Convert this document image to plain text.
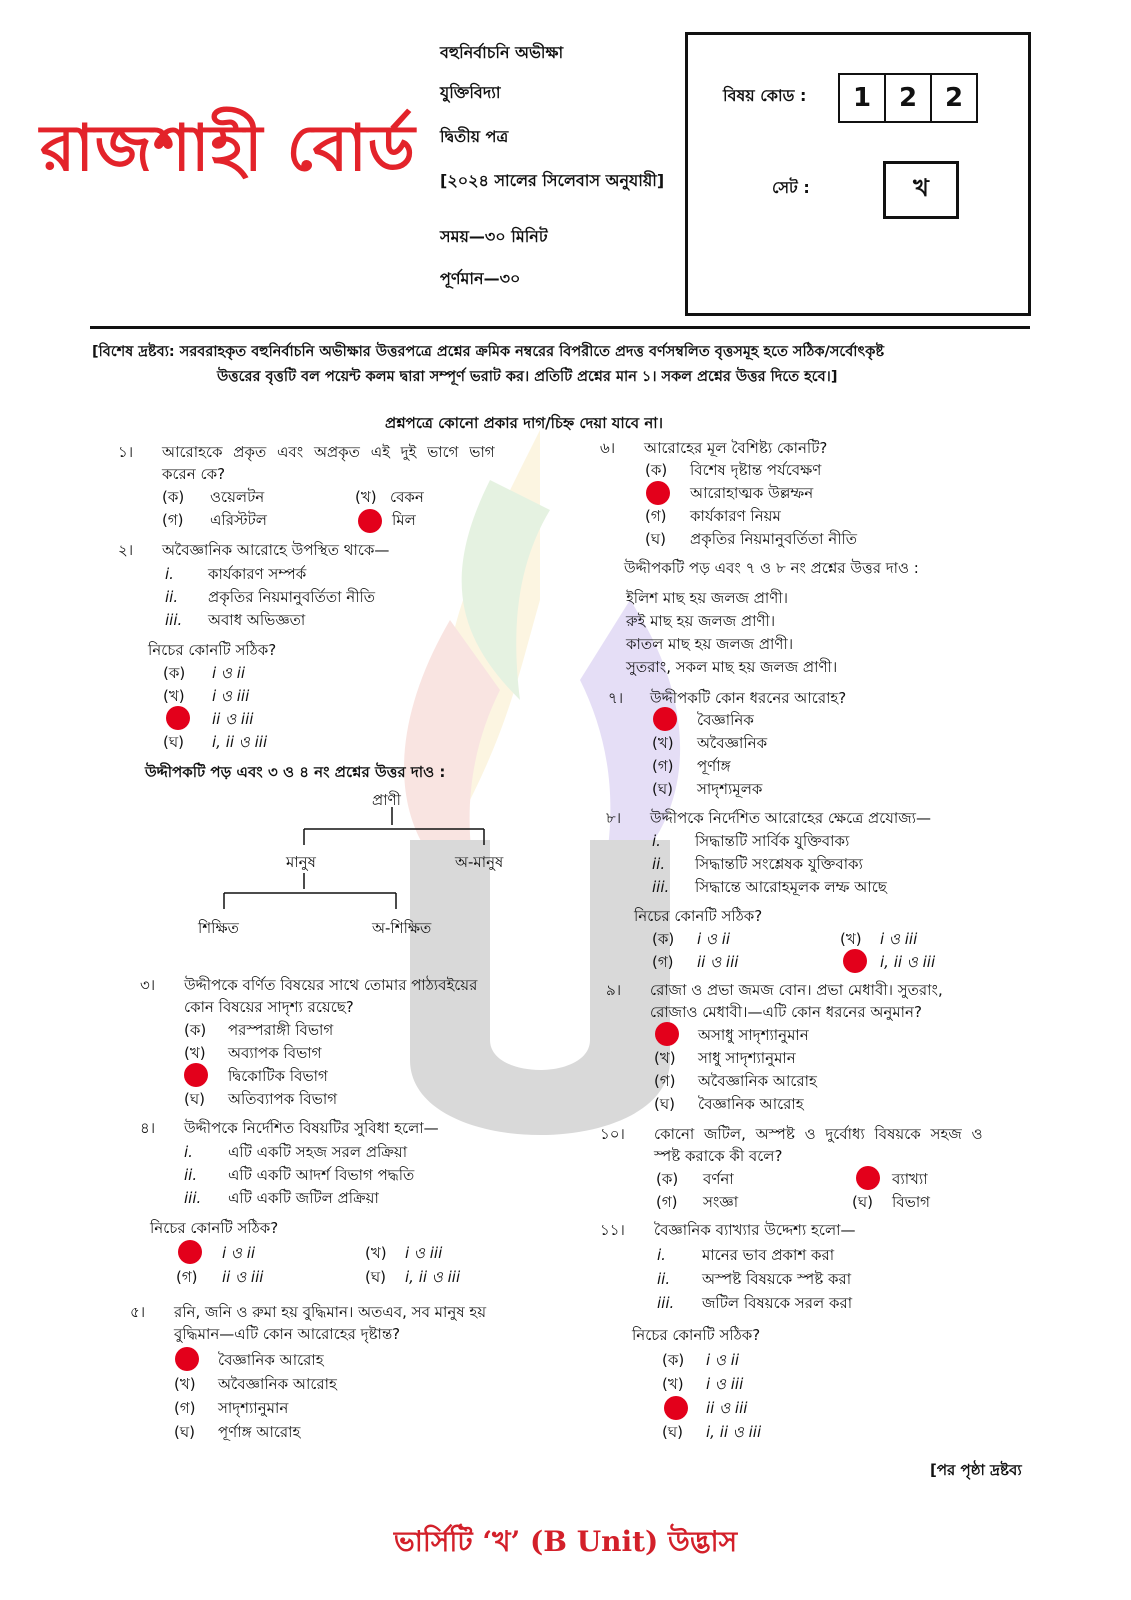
রাজশাহী বোর্ড
বহুনির্বাচনি অভীক্ষা
যুক্তিবিদ্যা
দ্বিতীয় পত্র
[২০২৪ সালের সিলেবাস অনুযায়ী]
সময়—৩০ মিনিট
পূর্ণমান—৩০
বিষয় কোড :	1	2	2
সেট :	খ
[বিশেষ দ্রষ্টব্য: সরবরাহকৃত বহুনির্বাচনি অভীক্ষার উত্তরপত্রে প্রশ্নের ক্রমিক নম্বরের বিপরীতে প্রদত্ত বর্ণসম্বলিত বৃত্তসমূহ হতে সঠিক/সর্বোৎকৃষ্ট
উত্তরের বৃত্তটি বল পয়েন্ট কলম দ্বারা সম্পূর্ণ ভরাট কর। প্রতিটি প্রশ্নের মান ১। সকল প্রশ্নের উত্তর দিতে হবে।]
প্রশ্নপত্রে কোনো প্রকার দাগ/চিহ্ন দেয়া যাবে না।
১। আরোহকে প্রকৃত এবং অপ্রকৃত এই দুই ভাগে ভাগ
করেন কে?
(ক) ওয়েলটন	(খ) বেকন
(গ) এরিস্টটল	মিল
২। অবৈজ্ঞানিক আরোহে উপস্থিত থাকে—
i. কার্যকারণ সম্পর্ক
ii. প্রকৃতির নিয়মানুবর্তিতা নীতি
iii. অবাধ অভিজ্ঞতা
নিচের কোনটি সঠিক?
(ক) i ও ii
(খ) i ও iii
ii ও iii
(ঘ) i, ii ও iii
উদ্দীপকটি পড় এবং ৩ ও ৪ নং প্রশ্নের উত্তর দাও :
প্রাণী
মানুষ	অ-মানুষ
শিক্ষিত	অ-শিক্ষিত
৩। উদ্দীপকে বর্ণিত বিষয়ের সাথে তোমার পাঠ্যবইয়ের
কোন বিষয়ের সাদৃশ্য রয়েছে?
(ক) পরস্পরাঙ্গী বিভাগ
(খ) অব্যাপক বিভাগ
দ্বিকোটিক বিভাগ
(ঘ) অতিব্যাপক বিভাগ
৪। উদ্দীপকে নির্দেশিত বিষয়টির সুবিধা হলো—
i. এটি একটি সহজ সরল প্রক্রিয়া
ii. এটি একটি আদর্শ বিভাগ পদ্ধতি
iii. এটি একটি জটিল প্রক্রিয়া
নিচের কোনটি সঠিক?
i ও ii	(খ) i ও iii
(গ) ii ও iii	(ঘ) i, ii ও iii
৫। রনি, জনি ও রুমা হয় বুদ্ধিমান। অতএব, সব মানুষ হয়
বুদ্ধিমান—এটি কোন আরোহের দৃষ্টান্ত?
বৈজ্ঞানিক আরোহ
(খ) অবৈজ্ঞানিক আরোহ
(গ) সাদৃশ্যানুমান
(ঘ) পূর্ণাঙ্গ আরোহ
৬। আরোহের মূল বৈশিষ্ট্য কোনটি?
(ক) বিশেষ দৃষ্টান্ত পর্যবেক্ষণ
আরোহাত্মক উল্লম্ফন
(গ) কার্যকারণ নিয়ম
(ঘ) প্রকৃতির নিয়মানুবর্তিতা নীতি
উদ্দীপকটি পড় এবং ৭ ও ৮ নং প্রশ্নের উত্তর দাও :
ইলিশ মাছ হয় জলজ প্রাণী।
রুই মাছ হয় জলজ প্রাণী।
কাতল মাছ হয় জলজ প্রাণী।
সুতরাং, সকল মাছ হয় জলজ প্রাণী।
৭। উদ্দীপকটি কোন ধরনের আরোহ?
বৈজ্ঞানিক
(খ) অবৈজ্ঞানিক
(গ) পূর্ণাঙ্গ
(ঘ) সাদৃশ্যমূলক
৮। উদ্দীপকে নির্দেশিত আরোহের ক্ষেত্রে প্রযোজ্য—
i. সিদ্ধান্তটি সার্বিক যুক্তিবাক্য
ii. সিদ্ধান্তটি সংশ্লেষক যুক্তিবাক্য
iii. সিদ্ধান্তে আরোহমূলক লম্ফ আছে
নিচের কোনটি সঠিক?
(ক) i ও ii	(খ) i ও iii
(গ) ii ও iii	i, ii ও iii
৯। রোজা ও প্রভা জমজ বোন। প্রভা মেধাবী। সুতরাং,
রোজাও মেধাবী।—এটি কোন ধরনের অনুমান?
অসাধু সাদৃশ্যানুমান
(খ) সাধু সাদৃশ্যানুমান
(গ) অবৈজ্ঞানিক আরোহ
(ঘ) বৈজ্ঞানিক আরোহ
১০। কোনো জটিল, অস্পষ্ট ও দুর্বোধ্য বিষয়কে সহজ ও
স্পষ্ট করাকে কী বলে?
(ক) বর্ণনা	ব্যাখ্যা
(গ) সংজ্ঞা	(ঘ) বিভাগ
১১। বৈজ্ঞানিক ব্যাখ্যার উদ্দেশ্য হলো—
i. মানের ভাব প্রকাশ করা
ii. অস্পষ্ট বিষয়কে স্পষ্ট করা
iii. জটিল বিষয়কে সরল করা
নিচের কোনটি সঠিক?
(ক) i ও ii
(খ) i ও iii
ii ও iii
(ঘ) i, ii ও iii
[পর পৃষ্ঠা দ্রষ্টব্য
ভার্সিটি ‘খ’ (B Unit) উদ্ভাস
